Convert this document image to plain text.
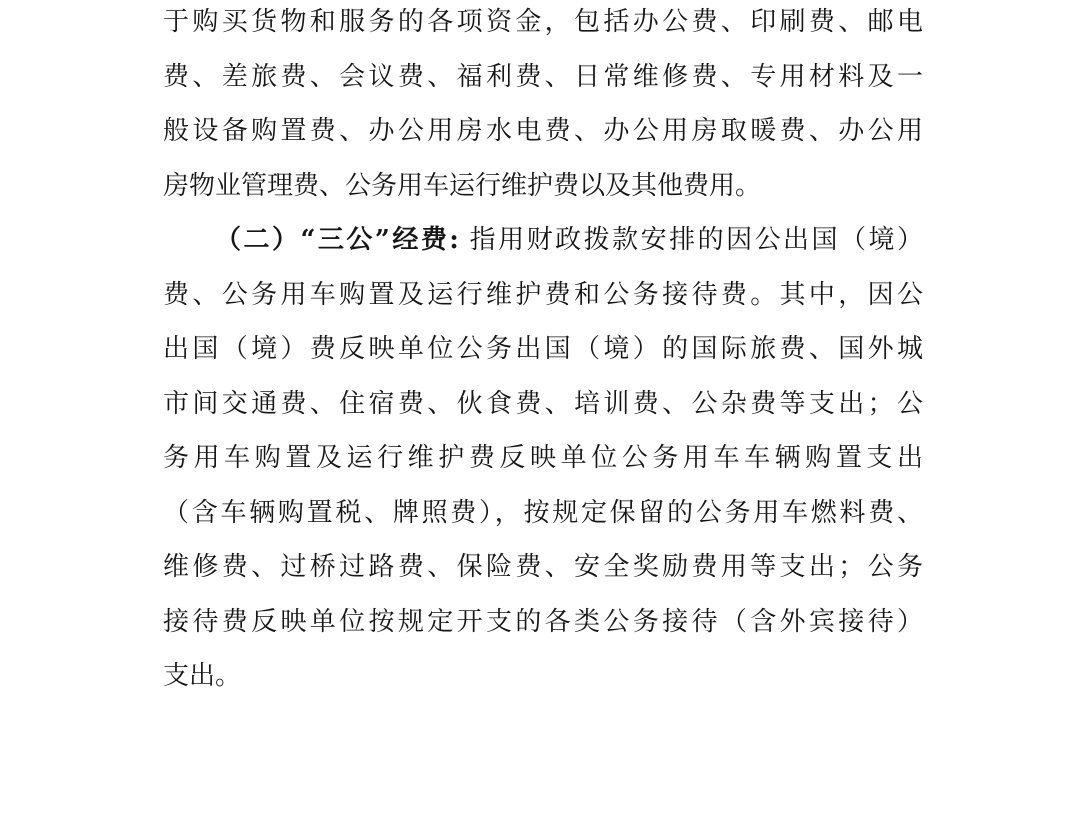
于购买货物和服务的各项资金，包括办公费、印刷费、邮电
费、差旅费、会议费、福利费、日常维修费、专用材料及一
般设备购置费、办公用房水电费、办公用房取暖费、办公用
房物业管理费、公务用车运行维护费以及其他费用。
（二）“三公”经费: 指用财政拨款安排的因公出国（境）
费、公务用车购置及运行维护费和公务接待费。其中，因公
出国（境）费反映单位公务出国（境）的国际旅费、国外城
市间交通费、住宿费、伙食费、培训费、公杂费等支出；公
务用车购置及运行维护费反映单位公务用车车辆购置支出
（含车辆购置税、牌照费），按规定保留的公务用车燃料费、
维修费、过桥过路费、保险费、安全奖励费用等支出；公务
接待费反映单位按规定开支的各类公务接待（含外宾接待）
支出。
